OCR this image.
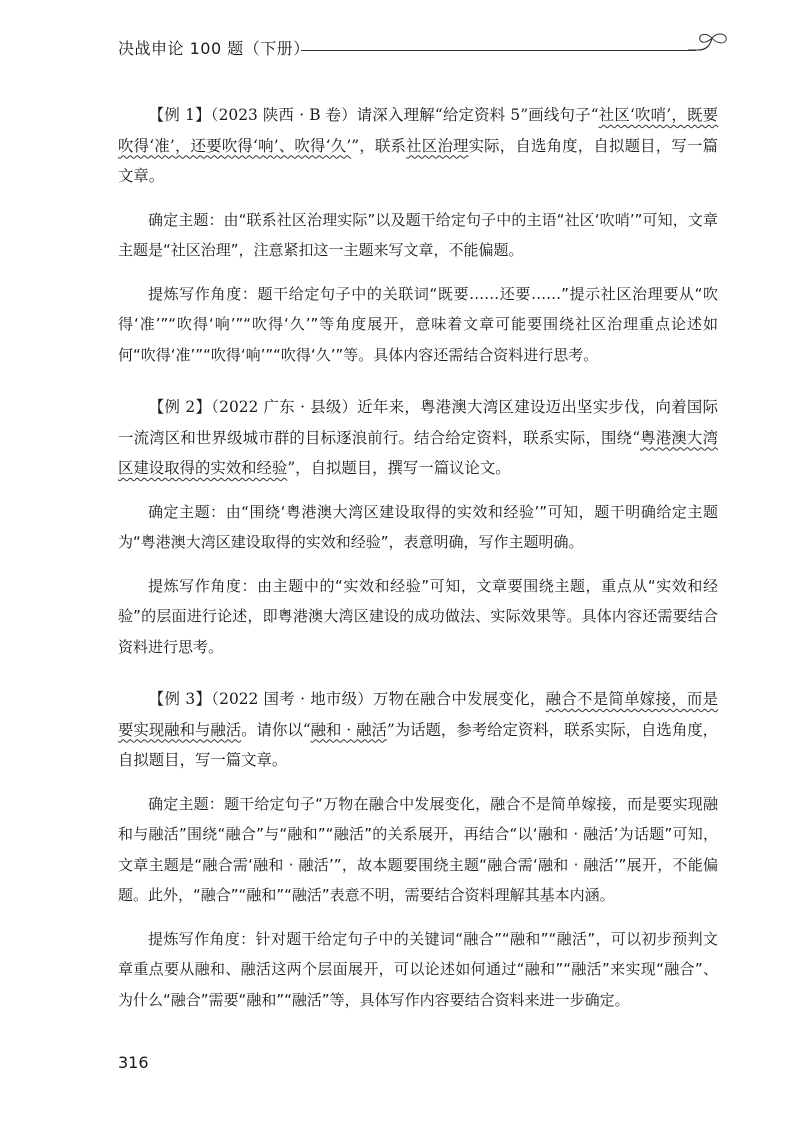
决战申论 100 题（下册）

【例 1】（2023 陕西 · B 卷）请深入理解“给定资料 5”画线句子“社区‘吹哨’，既要吹得‘准’，还要吹得‘响’、吹得‘久’”，联系社区治理实际，自选角度，自拟题目，写一篇文章。

确定主题：由“联系社区治理实际”以及题干给定句子中的主语“社区‘吹哨’”可知，文章主题是“社区治理”，注意紧扣这一主题来写文章，不能偏题。

提炼写作角度：题干给定句子中的关联词“既要……还要……”提示社区治理要从“吹得‘准’”“吹得‘响’”“吹得‘久’”等角度展开，意味着文章可能要围绕社区治理重点论述如何“吹得‘准’”“吹得‘响’”“吹得‘久’”等。具体内容还需结合资料进行思考。

【例 2】（2022 广东 · 县级）近年来，粤港澳大湾区建设迈出坚实步伐，向着国际一流湾区和世界级城市群的目标逐浪前行。结合给定资料，联系实际，围绕“粤港澳大湾区建设取得的实效和经验”，自拟题目，撰写一篇议论文。

确定主题：由“围绕‘粤港澳大湾区建设取得的实效和经验’”可知，题干明确给定主题为“粤港澳大湾区建设取得的实效和经验”，表意明确，写作主题明确。

提炼写作角度：由主题中的“实效和经验”可知，文章要围绕主题，重点从“实效和经验”的层面进行论述，即粤港澳大湾区建设的成功做法、实际效果等。具体内容还需要结合资料进行思考。

【例 3】（2022 国考 · 地市级）万物在融合中发展变化，融合不是简单嫁接，而是要实现融和与融活。请你以“融和 · 融活”为话题，参考给定资料，联系实际，自选角度，自拟题目，写一篇文章。

确定主题：题干给定句子“万物在融合中发展变化，融合不是简单嫁接，而是要实现融和与融活”围绕“融合”与“融和”“融活”的关系展开，再结合“以‘融和 · 融活’为话题”可知，文章主题是“融合需‘融和 · 融活’”，故本题要围绕主题“融合需‘融和 · 融活’”展开，不能偏题。此外，“融合”“融和”“融活”表意不明，需要结合资料理解其基本内涵。

提炼写作角度：针对题干给定句子中的关键词“融合”“融和”“融活”，可以初步预判文章重点要从融和、融活这两个层面展开，可以论述如何通过“融和”“融活”来实现“融合”、为什么“融合”需要“融和”“融活”等，具体写作内容要结合资料来进一步确定。

316
